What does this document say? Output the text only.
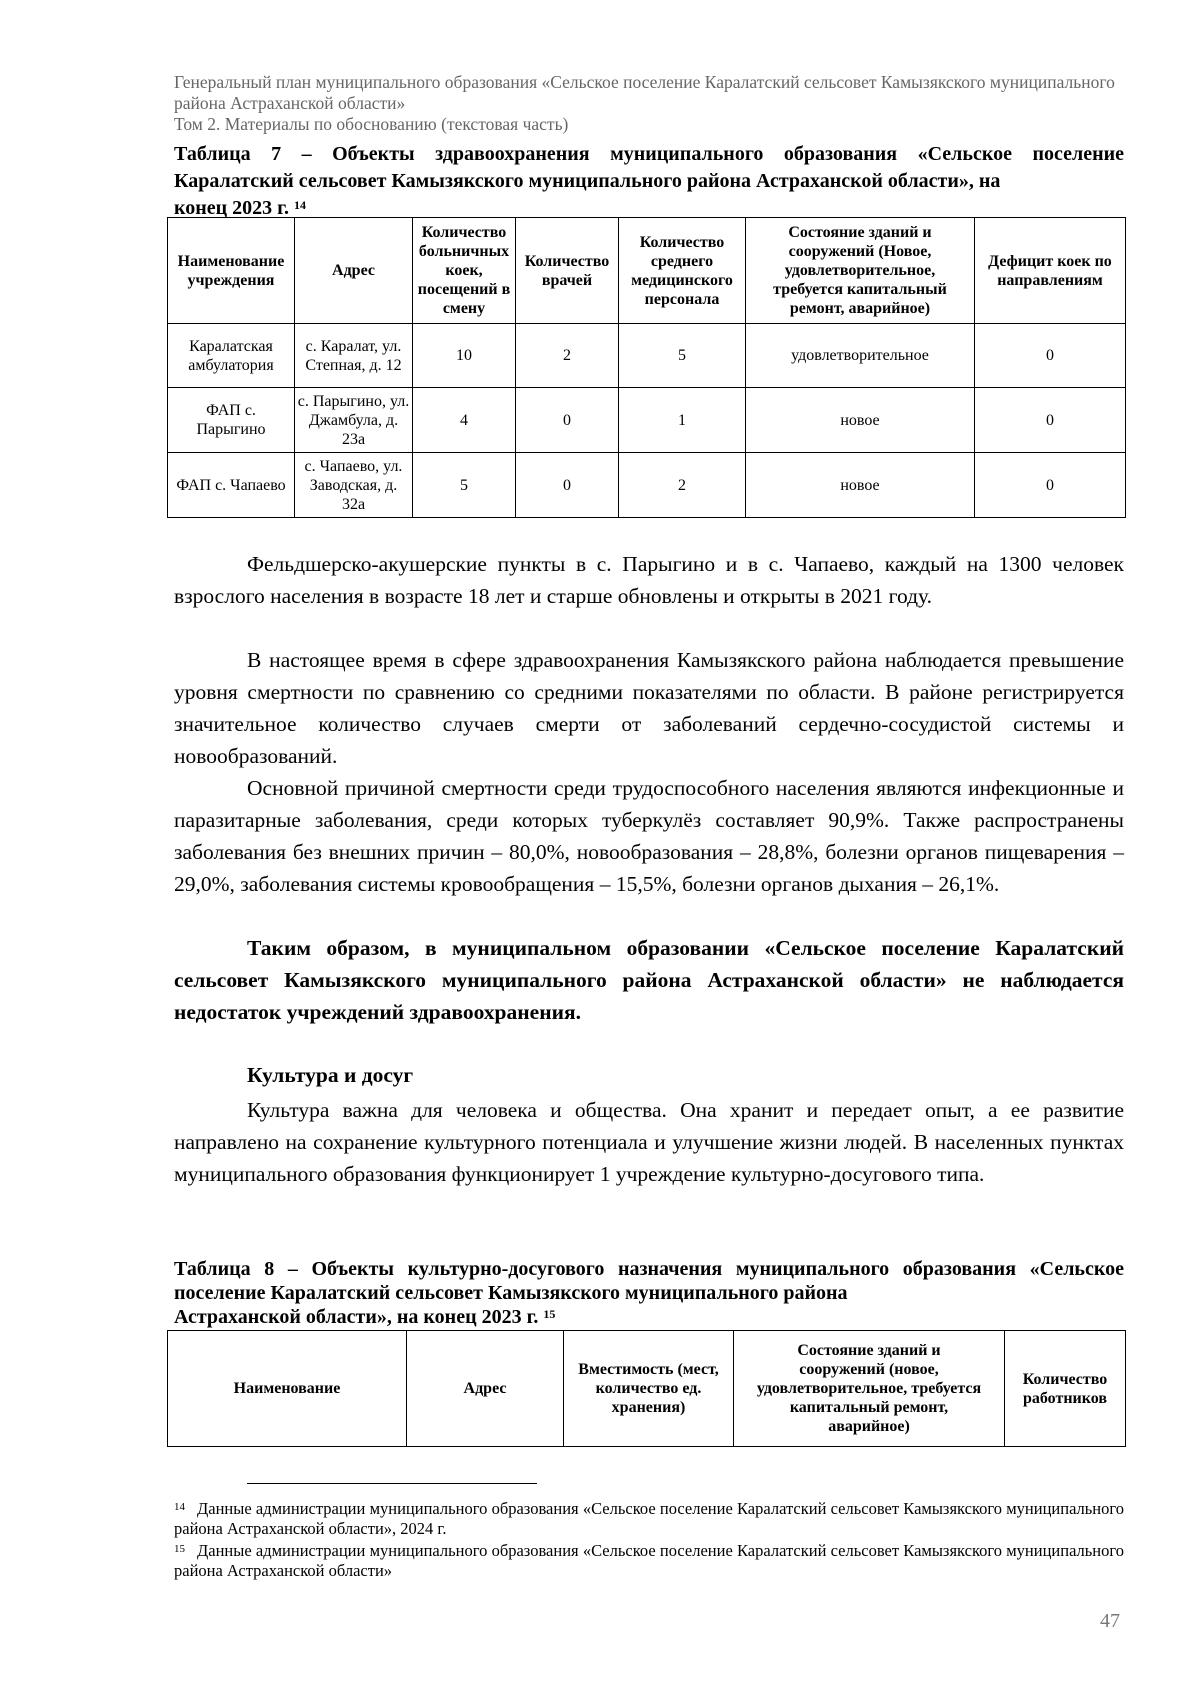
Генеральный план муниципального образования «Сельское поселение Каралатский сельсовет Камызякского муниципального района Астраханской области»
Том 2. Материалы по обоснованию (текстовая часть)
Таблица 7 – Объекты здравоохранения муниципального образования «Сельское поселение Каралатский сельсовет Камызякского муниципального района Астраханской области», на
конец 2023 г. $^{14}$
Наименование учреждения	Адрес	Количество больничных коек, посещений в смену	Количество врачей	Количество среднего медицинского персонала	Состояние зданий и сооружений (Новое, удовлетворительное, требуется капитальный ремонт, аварийное)	Дефицит коек по направлениям
Каралатская амбулатория	с. Каралат, ул. Степная, д. 12	10	2	5	удовлетворительное	0
ФАП с. Парыгино	с. Парыгино, ул. Джамбула, д. 23а	4	0	1	новое	0
ФАП с. Чапаево	с. Чапаево, ул. Заводская, д. 32а	5	0	2	новое	0
Фельдшерско-акушерские пункты в с. Парыгино и в с. Чапаево, каждый на 1300 человек взрослого населения в возрасте 18 лет и старше обновлены и открыты в 2021 году.
В настоящее время в сфере здравоохранения Камызякского района наблюдается превышение уровня смертности по сравнению со средними показателями по области. В районе регистрируется значительное количество случаев смерти от заболеваний сердечно-сосудистой системы и новообразований.
Основной причиной смертности среди трудоспособного населения являются инфекционные и паразитарные заболевания, среди которых туберкулёз составляет 90,9%. Также распространены заболевания без внешних причин – 80,0%, новообразования – 28,8%, болезни органов пищеварения – 29,0%, заболевания системы кровообращения – 15,5%, болезни органов дыхания – 26,1%.
Таким образом, в муниципальном образовании «Сельское поселение Каралатский сельсовет Камызякского муниципального района Астраханской области» не наблюдается недостаток учреждений здравоохранения.
Культура и досуг
Культура важна для человека и общества. Она хранит и передает опыт, а ее развитие направлено на сохранение культурного потенциала и улучшение жизни людей. В населенных пунктах муниципального образования функционирует 1 учреждение культурно-досугового типа.
Таблица 8 – Объекты культурно-досугового назначения муниципального образования «Сельское поселение Каралатский сельсовет Камызякского муниципального района
Астраханской области», на конец 2023 г. $^{15}$
Наименование	Адрес	Вместимость (мест, количество ед. хранения)	Состояние зданий и сооружений (новое, удовлетворительное, требуется капитальный ремонт, аварийное)	Количество работников
$^{14}$ Данные администрации муниципального образования «Сельское поселение Каралатский сельсовет Камызякского муниципального района Астраханской области», 2024 г.
$^{15}$ Данные администрации муниципального образования «Сельское поселение Каралатский сельсовет Камызякского муниципального района Астраханской области»
47
